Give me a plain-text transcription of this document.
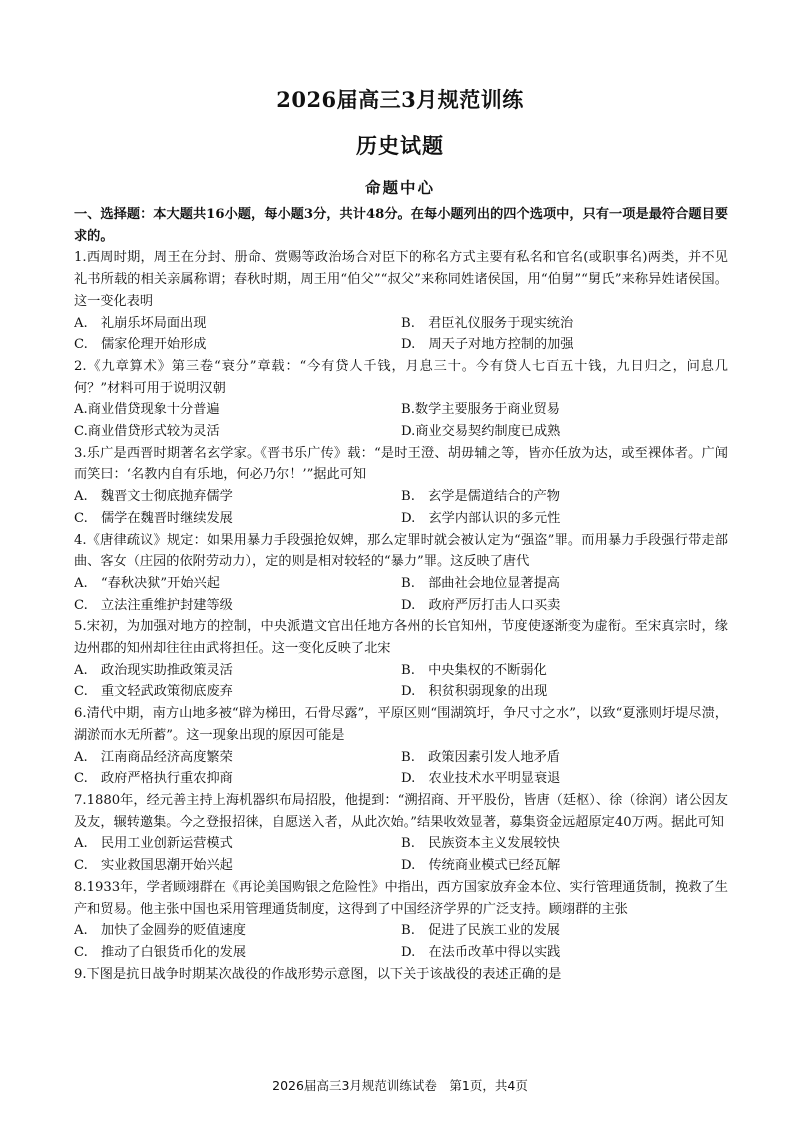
2026届高三3月规范训练
历史试题
命题中心
一、选择题：本大题共16小题，每小题3分，共计48分。在每小题列出的四个选项中，只有一项是最符合题目要求的。
1.西周时期，周王在分封、册命、赏赐等政治场合对臣下的称名方式主要有私名和官名(或职事名)两类，并不见礼书所载的相关亲属称谓；春秋时期，周王用“伯父”“叔父”来称同姓诸侯国，用“伯舅”“舅氏”来称异姓诸侯国。这一变化表明
A.　礼崩乐坏局面出现	B.　君臣礼仪服务于现实统治
C.　儒家伦理开始形成	D.　周天子对地方控制的加强
2.《九章算术》第三卷“衰分”章载：“今有贷人千钱，月息三十。今有贷人七百五十钱，九日归之，问息几何？”材料可用于说明汉朝
A.商业借贷现象十分普遍	B.数学主要服务于商业贸易
C.商业借贷形式较为灵活	D.商业交易契约制度已成熟
3.乐广是西晋时期著名玄学家。《晋书乐广传》载：“是时王澄、胡毋辅之等，皆亦任放为达，或至裸体者。广闻而笑曰：‘名教内自有乐地，何必乃尔！’”据此可知
A.　魏晋文士彻底抛弃儒学	B.　玄学是儒道结合的产物
C.　儒学在魏晋时继续发展	D.　玄学内部认识的多元性
4.《唐律疏议》规定：如果用暴力手段强抢奴婢，那么定罪时就会被认定为“强盗”罪。而用暴力手段强行带走部曲、客女（庄园的依附劳动力），定的则是相对较轻的“暴力”罪。这反映了唐代
A.　“春秋决狱”开始兴起	B.　部曲社会地位显著提高
C.　立法注重维护封建等级	D.　政府严厉打击人口买卖
5.宋初，为加强对地方的控制，中央派遣文官出任地方各州的长官知州，节度使逐渐变为虚衔。至宋真宗时，缘边州郡的知州却往往由武将担任。这一变化反映了北宋
A.　政治现实助推政策灵活	B.　中央集权的不断弱化
C.　重文轻武政策彻底废弃	D.　积贫积弱现象的出现
6.清代中期，南方山地多被“辟为梯田，石骨尽露”，平原区则“围湖筑圩，争尺寸之水”，以致“夏涨则圩堤尽溃，湖淤而水无所蓄”。这一现象出现的原因可能是
A.　江南商品经济高度繁荣	B.　政策因素引发人地矛盾
C.　政府严格执行重农抑商	D.　农业技术水平明显衰退
7.1880年，经元善主持上海机器织布局招股，他提到：“溯招商、开平股份，皆唐（廷枢）、徐（徐润）诸公因友及友，辗转邀集。今之登报招徕，自愿送入者，从此次始。”结果收效显著，募集资金远超原定40万两。据此可知
A.　民用工业创新运营模式	B.　民族资本主义发展较快
C.　实业救国思潮开始兴起	D.　传统商业模式已经瓦解
8.1933年，学者顾翊群在《再论美国购银之危险性》中指出，西方国家放弃金本位、实行管理通货制，挽救了生产和贸易。他主张中国也采用管理通货制度，这得到了中国经济学界的广泛支持。顾翊群的主张
A.　加快了金圆券的贬值速度	B.　促进了民族工业的发展
C.　推动了白银货币化的发展	D.　在法币改革中得以实践
9.下图是抗日战争时期某次战役的作战形势示意图，以下关于该战役的表述正确的是
2026届高三3月规范训练试卷　第1页，共4页
